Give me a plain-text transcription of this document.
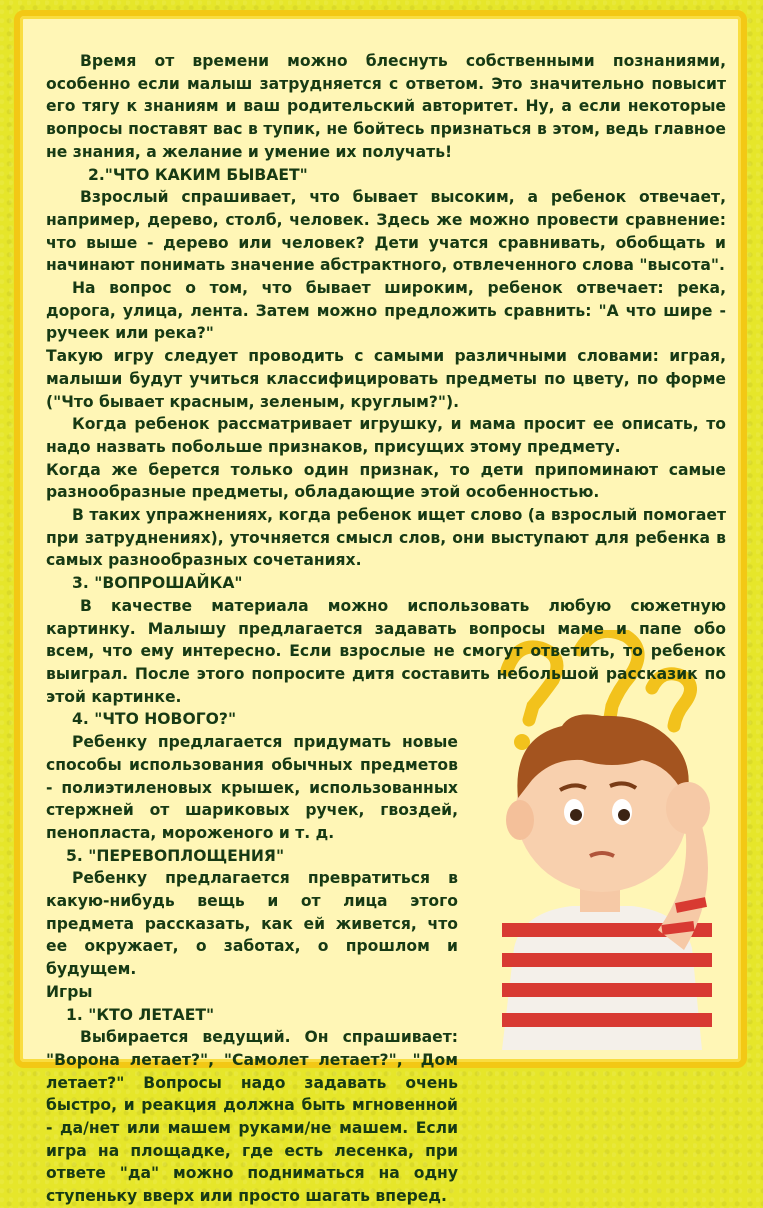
Время от времени можно блеснуть собственными познаниями, особенно если малыш затрудняется с ответом. Это значительно повысит его тягу к знаниям и ваш родительский авторитет. Ну, а если некоторые вопросы поставят вас в тупик, не бойтесь признаться в этом, ведь главное не знания, а желание и умение их получать!

2."ЧТО КАКИМ БЫВАЕТ"

Взрослый спрашивает, что бывает высоким, а ребенок отвечает, например, дерево, столб, человек. Здесь же можно провести сравнение: что выше - дерево или человек? Дети учатся сравнивать, обобщать и начинают понимать значение абстрактного, отвлеченного слова "высота".

На вопрос о том, что бывает широким, ребенок отвечает: река, дорога, улица, лента. Затем можно предложить сравнить: "А что шире - ручеек или река?"

Такую игру следует проводить с самыми различными словами: играя, малыши будут учиться классифицировать предметы по цвету, по форме ("Что бывает красным, зеленым, круглым?").

Когда ребенок рассматривает игрушку, и мама просит ее описать, то надо назвать побольше признаков, присущих этому предмету.

Когда же берется только один признак, то дети припоминают самые разнообразные предметы, обладающие этой особенностью.

В таких упражнениях, когда ребенок ищет слово (а взрослый помогает при затруднениях), уточняется смысл слов, они выступают для ребенка в самых разнообразных сочетаниях.

3. "ВОПРОШАЙКА"

В качестве материала можно использовать любую сюжетную картинку. Малышу предлагается задавать вопросы маме и папе обо всем, что ему интересно. Если взрослые не смогут ответить, то ребенок выиграл. После этого попросите дитя составить небольшой рассказик по этой картинке.

4. "ЧТО НОВОГО?"

Ребенку предлагается придумать новые способы использования обычных предметов - полиэтиленовых крышек, использованных стержней от шариковых ручек, гвоздей, пенопласта, мороженого и т. д.

5. "ПЕРЕВОПЛОЩЕНИЯ"

Ребенку предлагается превратиться в какую-нибудь вещь и от лица этого предмета рассказать, как ей живется, что ее окружает, о заботах, о прошлом и будущем.

Игры

1. "КТО ЛЕТАЕТ"

Выбирается ведущий. Он спрашивает: "Ворона летает?", "Самолет летает?", "Дом летает?" Вопросы надо задавать очень быстро, и реакция должна быть мгновенной - да/нет или машем руками/не машем. Если игра на площадке, где есть лесенка, при ответе "да" можно подниматься на одну ступеньку вверх или просто шагать вперед.
